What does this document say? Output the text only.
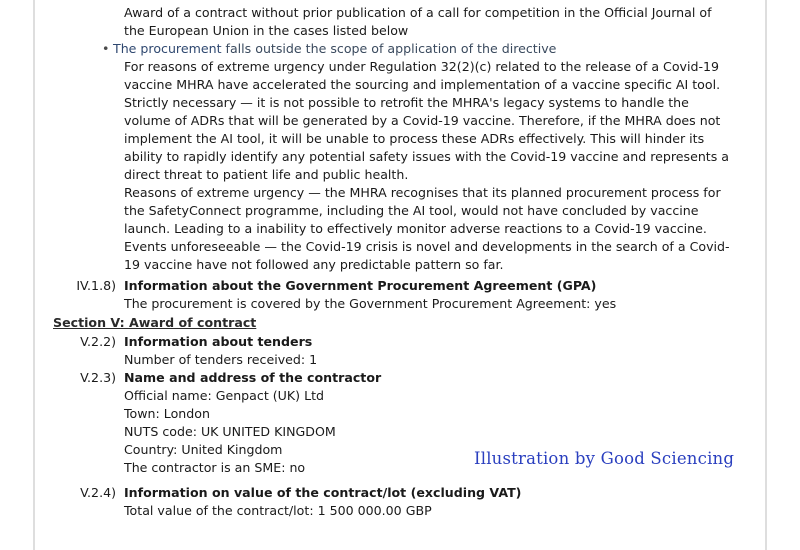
Award of a contract without prior publication of a call for competition in the Official Journal of
the European Union in the cases listed below
• The procurement falls outside the scope of application of the directive
For reasons of extreme urgency under Regulation 32(2)(c) related to the release of a Covid-19
vaccine MHRA have accelerated the sourcing and implementation of a vaccine specific AI tool.
Strictly necessary — it is not possible to retrofit the MHRA's legacy systems to handle the
volume of ADRs that will be generated by a Covid-19 vaccine. Therefore, if the MHRA does not
implement the AI tool, it will be unable to process these ADRs effectively. This will hinder its
ability to rapidly identify any potential safety issues with the Covid-19 vaccine and represents a
direct threat to patient life and public health.
Reasons of extreme urgency — the MHRA recognises that its planned procurement process for
the SafetyConnect programme, including the AI tool, would not have concluded by vaccine
launch. Leading to a inability to effectively monitor adverse reactions to a Covid-19 vaccine.
Events unforeseeable — the Covid-19 crisis is novel and developments in the search of a Covid-
19 vaccine have not followed any predictable pattern so far.
IV.1.8) Information about the Government Procurement Agreement (GPA)
The procurement is covered by the Government Procurement Agreement: yes
Section V: Award of contract
V.2.2) Information about tenders
Number of tenders received: 1
V.2.3) Name and address of the contractor
Official name: Genpact (UK) Ltd
Town: London
NUTS code: UK UNITED KINGDOM
Country: United Kingdom
The contractor is an SME: no
V.2.4) Information on value of the contract/lot (excluding VAT)
Total value of the contract/lot: 1 500 000.00 GBP
Illustration by Good Sciencing
